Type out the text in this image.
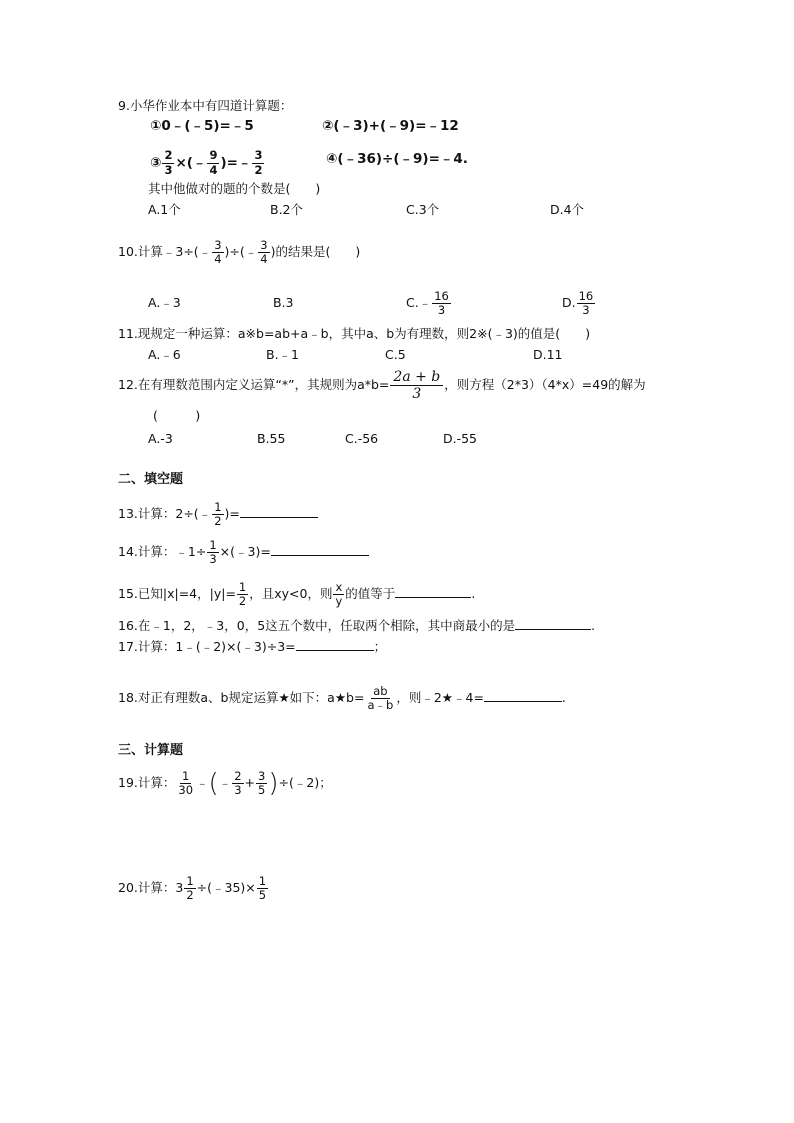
9.小华作业本中有四道计算题：
①0﹣(﹣5)=﹣5	②(﹣3)+(﹣9)=﹣12
③ $\frac{2}{3}$ ×(﹣ $\frac{9}{4}$ )=﹣ $\frac{3}{2}$	④(﹣36)÷(﹣9)=﹣4.
其中他做对的题的个数是(　　)
A.1个	B.2个	C.3个	D.4个
10.计算﹣3÷(﹣ $\frac{3}{4}$ )÷(﹣ $\frac{3}{4}$ )的结果是(　　)
A.﹣3	B.3	C.﹣ $\frac{16}{3}$	D. $\frac{16}{3}$
11.现规定一种运算：a※b=ab+a﹣b，其中a、b为有理数，则2※(﹣3)的值是(　　)
A.﹣6	B.﹣1	C.5	D.11
12.在有理数范围内定义运算“*”，其规则为$a*b= \frac{2a + b}{3}$ ，则方程（2*3）（4*x）=49的解为
(　　　)
A.-3	B.55	C.-56	D.-55
二、填空题
13.计算：2÷(﹣ $\frac{1}{2}$ )=
14.计算：﹣1÷ $\frac{1}{3}$ ×(﹣3)=
15.已知|x|=4，$|y|= \frac{1}{2}$ ，且xy<0，则 $\frac{x}{y}$ 的值等于	.
16.在﹣1，2，﹣3，0，5这五个数中，任取两个相除，其中商最小的是	.
17.计算：1﹣(﹣2)×(﹣3)÷3=	；
18.对正有理数a、b规定运算★如下：a★b= $\frac{ab}{a﹣b}$ ，则﹣2★﹣4=	.
三、计算题
19.计算： $\frac{1}{30}$ ﹣(﹣ $\frac{2}{3} + \frac{3}{5}$ )÷(﹣2)；
20.计算：$3 \frac{1}{2}$ ÷(﹣35)× $\frac{1}{5}$
